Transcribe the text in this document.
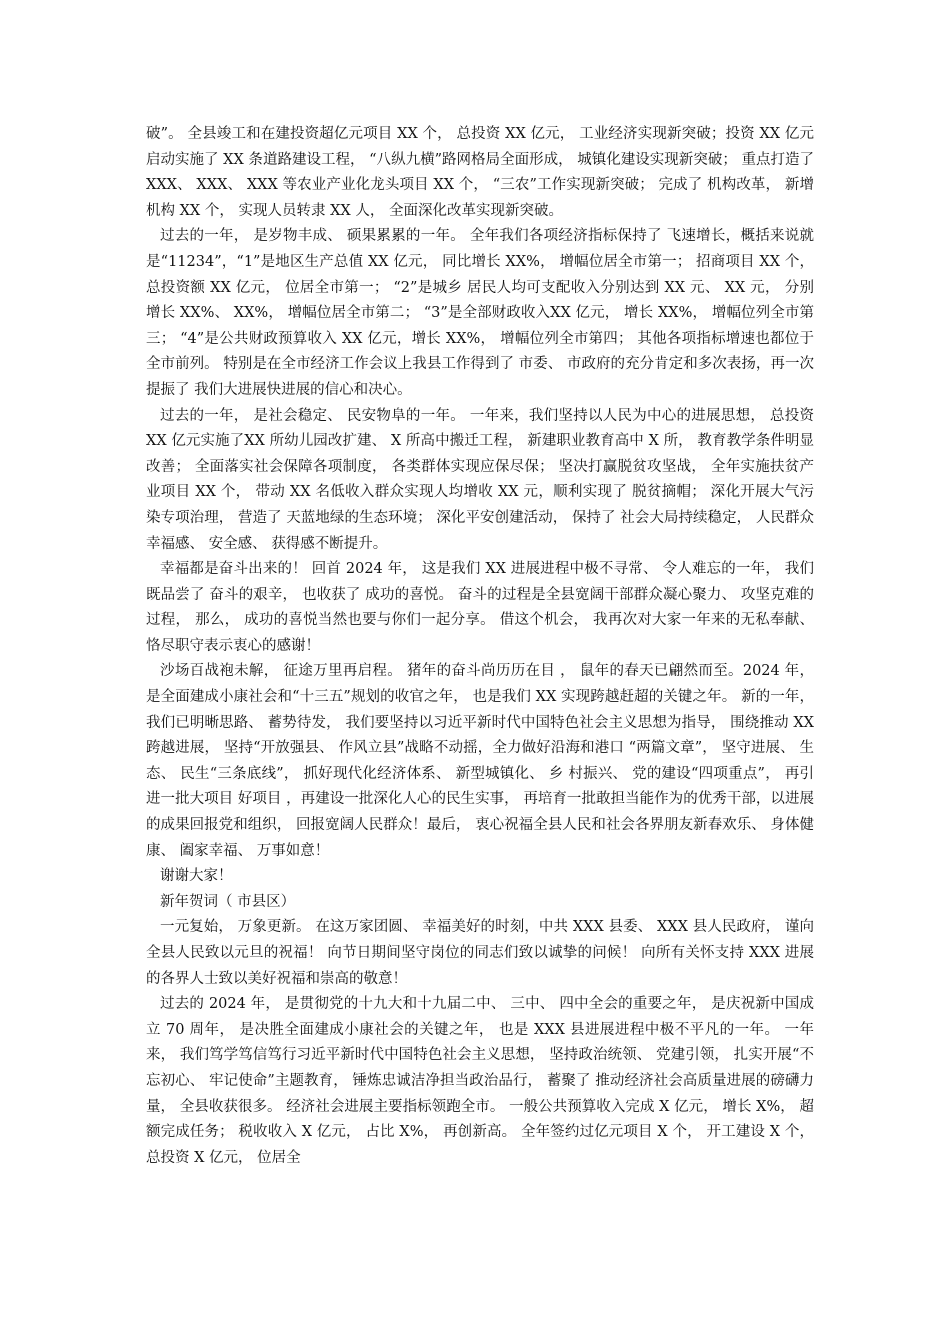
破”。 全县竣工和在建投资超亿元项目 XX 个， 总投资 XX 亿元， 工业经济实现新突破；投资 XX 亿元启动实施了 XX 条道路建设工程， “八纵九横”路网格局全面形成， 城镇化建设实现新突破； 重点打造了XXX、 XXX、 XXX 等农业产业化龙头项目 XX 个， “三农”工作实现新突破； 完成了 机构改革， 新增机构 XX 个， 实现人员转隶 XX 人， 全面深化改革实现新突破。

过去的一年， 是岁物丰成、 硕果累累的一年。 全年我们各项经济指标保持了 飞速增长，概括来说就是“11234”，“1”是地区生产总值 XX 亿元， 同比增长 XX%， 增幅位居全市第一； 招商项目 XX 个， 总投资额 XX 亿元， 位居全市第一； “2”是城乡 居民人均可支配收入分别达到 XX 元、 XX 元， 分别增长 XX%、 XX%， 增幅位居全市第二； “3”是全部财政收入XX 亿元， 增长 XX%， 增幅位列全市第三； “4”是公共财政预算收入 XX 亿元，增长 XX%， 增幅位列全市第四； 其他各项指标增速也都位于全市前列。 特别是在全市经济工作会议上我县工作得到了 市委、 市政府的充分肯定和多次表扬，再一次提振了 我们大进展快进展的信心和决心。

过去的一年， 是社会稳定、 民安物阜的一年。 一年来，我们坚持以人民为中心的进展思想， 总投资 XX 亿元实施了XX 所幼儿园改扩建、 X 所高中搬迁工程， 新建职业教育高中 X 所， 教育教学条件明显改善； 全面落实社会保障各项制度， 各类群体实现应保尽保； 坚决打赢脱贫攻坚战， 全年实施扶贫产业项目 XX 个， 带动 XX 名低收入群众实现人均增收 XX 元，顺利实现了 脱贫摘帽； 深化开展大气污染专项治理， 营造了 天蓝地绿的生态环境； 深化平安创建活动， 保持了 社会大局持续稳定， 人民群众幸福感、 安全感、 获得感不断提升。

幸福都是奋斗出来的！ 回首 2024 年， 这是我们 XX 进展进程中极不寻常、 令人难忘的一年， 我们既品尝了 奋斗的艰辛， 也收获了 成功的喜悦。 奋斗的过程是全县宽阔干部群众凝心聚力、 攻坚克难的过程， 那么， 成功的喜悦当然也要与你们一起分享。 借这个机会， 我再次对大家一年来的无私奉献、 恪尽职守表示衷心的感谢！

沙场百战袍未解， 征途万里再启程。 猪年的奋斗尚历历在目 ， 鼠年的春天已翩然而至。2024 年， 是全面建成小康社会和“十三五”规划的收官之年， 也是我们 XX 实现跨越赶超的关键之年。 新的一年， 我们已明晰思路、 蓄势待发， 我们要坚持以习近平新时代中国特色社会主义思想为指导， 围绕推动 XX 跨越进展， 坚持“开放强县、 作风立县”战略不动摇，全力做好沿海和港口 “两篇文章”， 坚守进展、 生态、 民生“三条底线”， 抓好现代化经济体系、 新型城镇化、 乡 村振兴、 党的建设“四项重点”， 再引进一批大项目 好项目 ，再建设一批深化人心的民生实事， 再培育一批敢担当能作为的优秀干部，以进展的成果回报党和组织， 回报宽阔人民群众！最后， 衷心祝福全县人民和社会各界朋友新春欢乐、 身体健康、 阖家幸福、 万事如意！

谢谢大家！

新年贺词（ 市县区）

一元复始， 万象更新。 在这万家团圆、 幸福美好的时刻，中共 XXX 县委、 XXX 县人民政府， 谨向全县人民致以元旦的祝福！ 向节日期间坚守岗位的同志们致以诚挚的问候！ 向所有关怀支持 XXX 进展的各界人士致以美好祝福和崇高的敬意！

过去的 2024 年， 是贯彻党的十九大和十九届二中、 三中、 四中全会的重要之年， 是庆祝新中国成立 70 周年， 是决胜全面建成小康社会的关键之年， 也是 XXX 县进展进程中极不平凡的一年。 一年来， 我们笃学笃信笃行习近平新时代中国特色社会主义思想， 坚持政治统领、 党建引领， 扎实开展“不忘初心、 牢记使命”主题教育， 锤炼忠诚洁净担当政治品行， 蓄聚了 推动经济社会高质量进展的磅礴力量， 全县收获很多。 经济社会进展主要指标领跑全市。 一般公共预算收入完成 X 亿元， 增长 X%， 超额完成任务； 税收收入 X 亿元， 占比 X%， 再创新高。 全年签约过亿元项目 X 个， 开工建设 X 个， 总投资 X 亿元， 位居全
